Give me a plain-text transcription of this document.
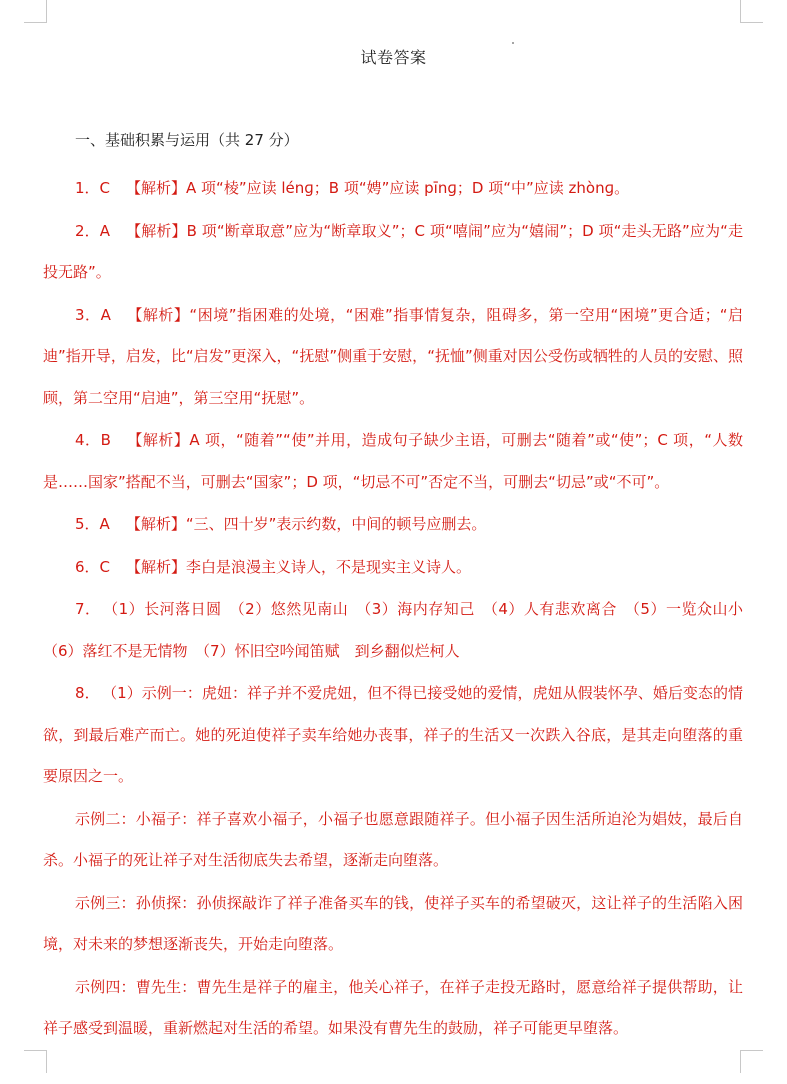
试卷答案
一、基础积累与运用（共 27 分）

1．C 【解析】A 项“棱”应读 lénɡ；B 项“娉”应读 pīnɡ；D 项“中”应读 zhònɡ。

2．A 【解析】B 项“断章取意”应为“断章取义”；C 项“嘻闹”应为“嬉闹”；D 项“走头无路”应为“走投无路”。

3．A 【解析】“困境”指困难的处境，“困难”指事情复杂，阻碍多，第一空用“困境”更合适；“启迪”指开导，启发，比“启发”更深入，“抚慰”侧重于安慰，“抚恤”侧重对因公受伤或牺牲的人员的安慰、照顾，第二空用“启迪”，第三空用“抚慰”。

4．B 【解析】A 项，“随着”“使”并用，造成句子缺少主语，可删去“随着”或“使”；C 项，“人数是……国家”搭配不当，可删去“国家”；D 项，“切忌不可”否定不当，可删去“切忌”或“不可”。

5．A 【解析】“三、四十岁”表示约数，中间的顿号应删去。

6．C 【解析】李白是浪漫主义诗人，不是现实主义诗人。

7． （1）长河落日圆　（2）悠然见南山　（3）海内存知己　（4）人有悲欢离合　（5）一览众山小　（6）落红不是无情物　（7）怀旧空吟闻笛赋　到乡翻似烂柯人

8． （1）示例一：虎妞：祥子并不爱虎妞，但不得已接受她的爱情，虎妞从假装怀孕、婚后变态的情欲，到最后难产而亡。她的死迫使祥子卖车给她办丧事，祥子的生活又一次跌入谷底，是其走向堕落的重要原因之一。

示例二：小福子：祥子喜欢小福子，小福子也愿意跟随祥子。但小福子因生活所迫沦为娼妓，最后自杀。小福子的死让祥子对生活彻底失去希望，逐渐走向堕落。

示例三：孙侦探：孙侦探敲诈了祥子准备买车的钱，使祥子买车的希望破灭，这让祥子的生活陷入困境，对未来的梦想逐渐丧失，开始走向堕落。

示例四：曹先生：曹先生是祥子的雇主，他关心祥子，在祥子走投无路时，愿意给祥子提供帮助，让祥子感受到温暖，重新燃起对生活的希望。如果没有曹先生的鼓励，祥子可能更早堕落。
